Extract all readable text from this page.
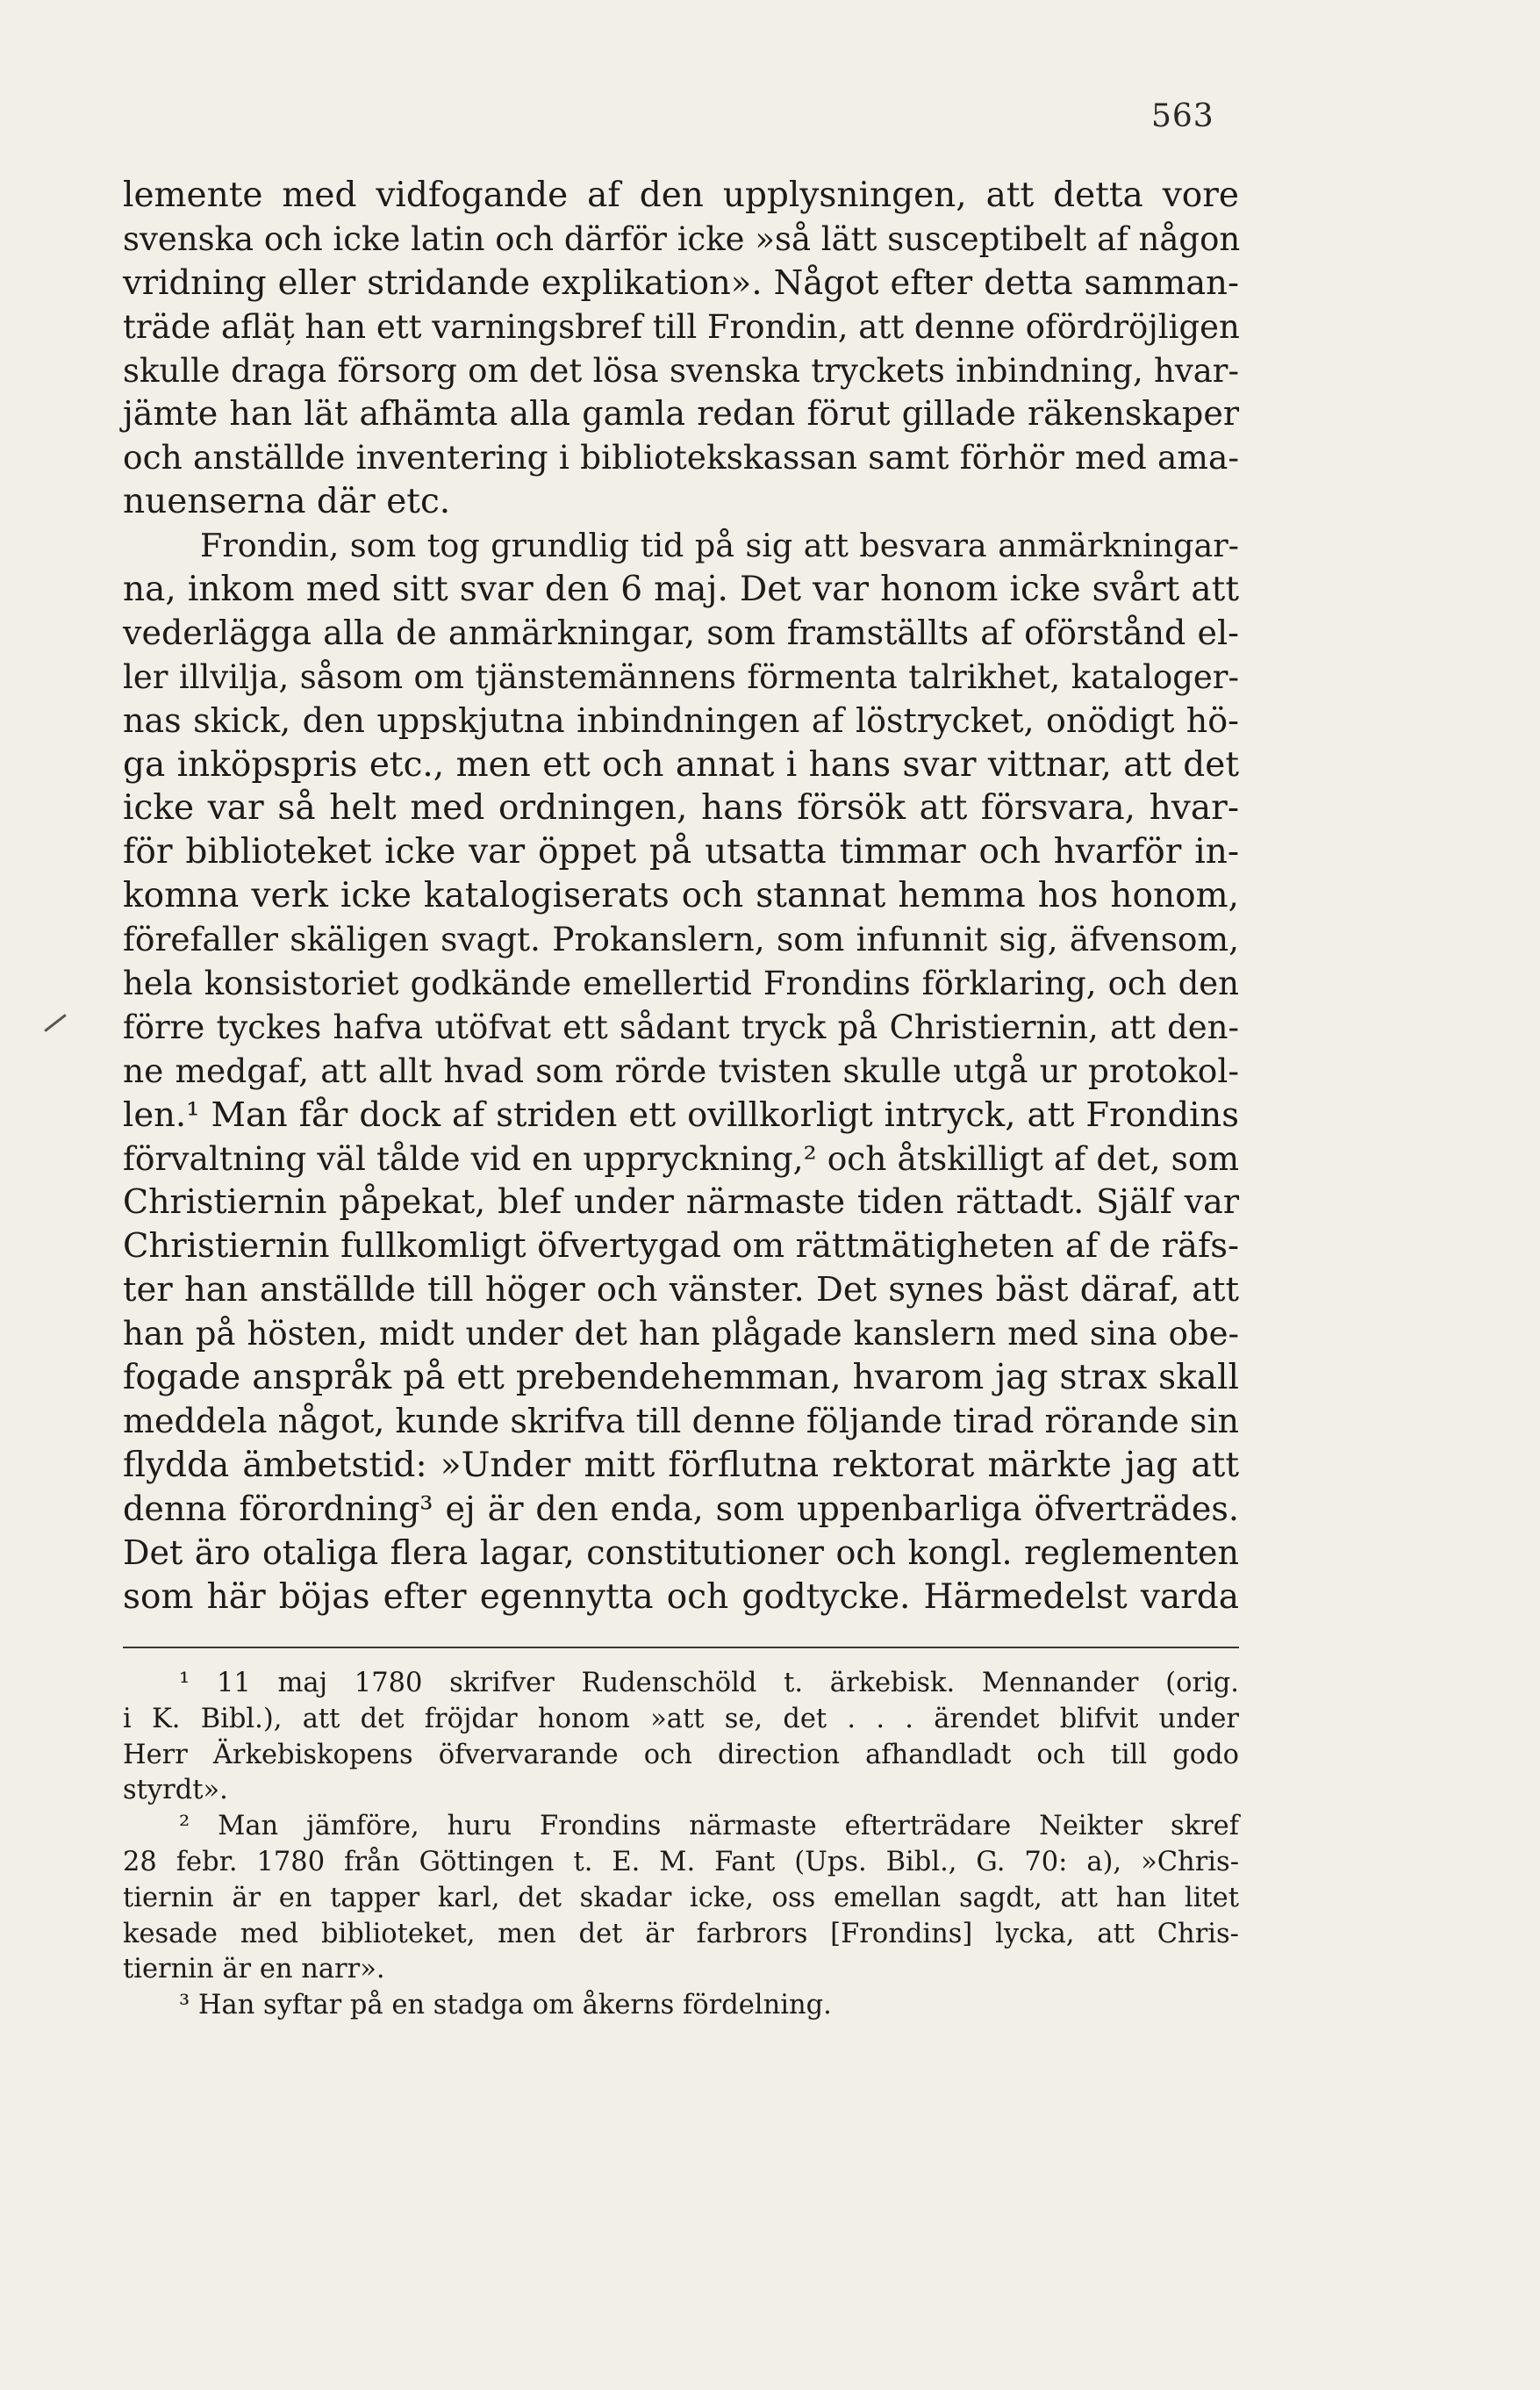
563
lemente med vidfogande af den upplysningen, att detta vore
svenska och icke latin och därför icke »så lätt susceptibelt af någon
vridning eller stridande explikation». Något efter detta samman-
träde afläț han ett varningsbref till Frondin, att denne ofördröjligen
skulle draga försorg om det lösa svenska tryckets inbindning, hvar-
jämte han lät afhämta alla gamla redan förut gillade räkenskaper
och anställde inventering i bibliotekskassan samt förhör med ama-
nuenserna där etc.
Frondin, som tog grundlig tid på sig att besvara anmärkningar-
na, inkom med sitt svar den 6 maj. Det var honom icke svårt att
vederlägga alla de anmärkningar, som framställts af oförstånd el-
ler illvilja, såsom om tjänstemännens förmenta talrikhet, kataloger-
nas skick, den uppskjutna inbindningen af löstrycket, onödigt hö-
ga inköpspris etc., men ett och annat i hans svar vittnar, att det
icke var så helt med ordningen, hans försök att försvara, hvar-
för biblioteket icke var öppet på utsatta timmar och hvarför in-
komna verk icke katalogiserats och stannat hemma hos honom,
förefaller skäligen svagt. Prokanslern, som infunnit sig, äfvensom,
hela konsistoriet godkände emellertid Frondins förklaring, och den
förre tyckes hafva utöfvat ett sådant tryck på Christiernin, att den-
ne medgaf, att allt hvad som rörde tvisten skulle utgå ur protokol-
len.¹ Man får dock af striden ett ovillkorligt intryck, att Frondins
förvaltning väl tålde vid en uppryckning,² och åtskilligt af det, som
Christiernin påpekat, blef under närmaste tiden rättadt. Själf var
Christiernin fullkomligt öfvertygad om rättmätigheten af de räfs-
ter han anställde till höger och vänster. Det synes bäst däraf, att
han på hösten, midt under det han plågade kanslern med sina obe-
fogade anspråk på ett prebendehemman, hvarom jag strax skall
meddela något, kunde skrifva till denne följande tirad rörande sin
flydda ämbetstid: »Under mitt förflutna rektorat märkte jag att
denna förordning³ ej är den enda, som uppenbarliga öfverträdes.
Det äro otaliga flera lagar, constitutioner och kongl. reglementen
som här böjas efter egennytta och godtycke. Härmedelst varda
¹ 11 maj 1780 skrifver Rudenschöld t. ärkebisk. Mennander (orig.
i K. Bibl.), att det fröjdar honom »att se, det . . . ärendet blifvit under
Herr Ärkebiskopens öfvervarande och direction afhandladt och till godo
styrdt».
² Man jämföre, huru Frondins närmaste efterträdare Neikter skref
28 febr. 1780 från Göttingen t. E. M. Fant (Ups. Bibl., G. 70: a), »Chris-
tiernin är en tapper karl, det skadar icke, oss emellan sagdt, att han litet
kesade med biblioteket, men det är farbrors [Frondins] lycka, att Chris-
tiernin är en narr».
³ Han syftar på en stadga om åkerns fördelning.
